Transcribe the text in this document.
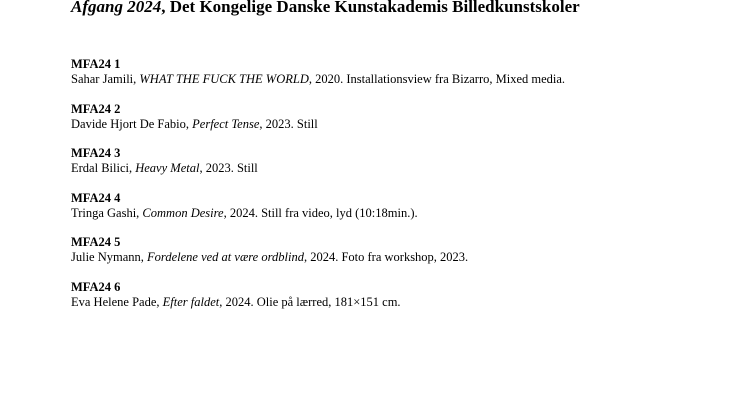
Afgang 2024, Det Kongelige Danske Kunstakademis Billedkunstskoler
MFA24 1
Sahar Jamili, WHAT THE FUCK THE WORLD, 2020. Installationsview fra Bizarro, Mixed media.
MFA24 2
Davide Hjort De Fabio, Perfect Tense, 2023. Still
MFA24 3
Erdal Bilici, Heavy Metal, 2023. Still
MFA24 4
Tringa Gashi, Common Desire, 2024. Still fra video, lyd (10:18min.).
MFA24 5
Julie Nymann, Fordelene ved at være ordblind, 2024. Foto fra workshop, 2023.
MFA24 6
Eva Helene Pade, Efter faldet, 2024. Olie på lærred, 181×151 cm.
